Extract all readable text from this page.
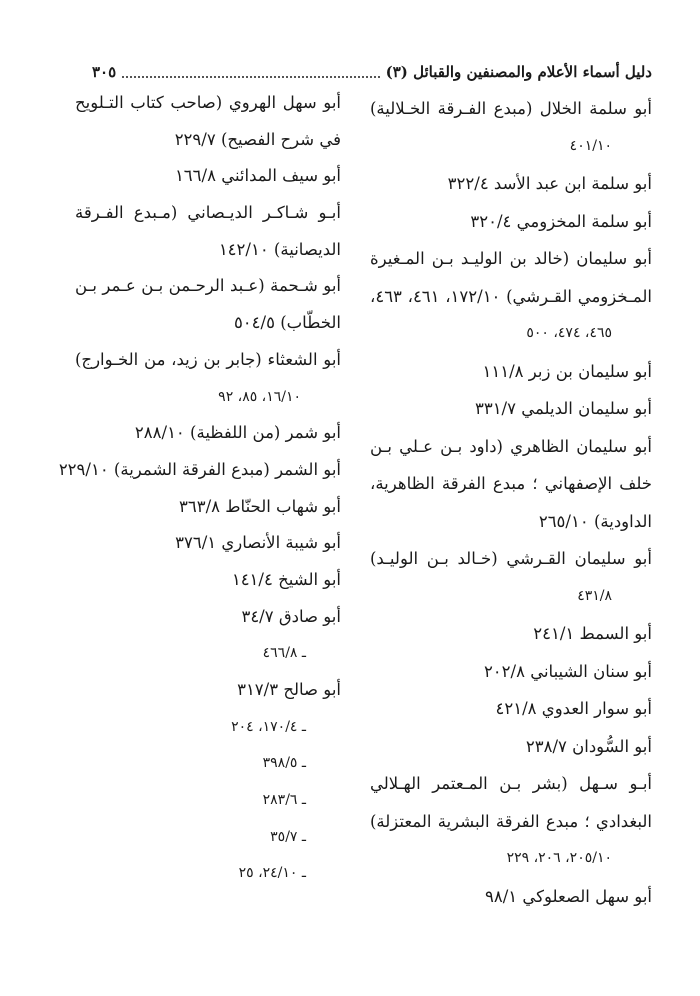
دليل أسماء الأعلام والمصنفين والقبائل (٣)
٣٠٥
أبو سلمة الخلال (مبدع الفـرقة الخـلالية)
٤٠١/١٠
أبو سلمة ابن عبد الأسد ٣٢٢/٤
أبو سلمة المخزومي ٣٢٠/٤
أبو سليمان (خالد بن الوليـد بـن المـغيرة
المـخزومي القـرشي) ١٧٢/١٠، ٤٦١، ٤٦٣،
٤٦٥، ٤٧٤، ٥٠٠
أبو سليمان بن زبر ١١١/٨
أبو سليمان الديلمي ٣٣١/٧
أبو سليمان الظاهري (داود بـن عـلي بـن
خلف الإصفهاني ؛ مبدع الفرقة الظاهرية،
الداودية) ٢٦٥/١٠
أبو سليمان القـرشي (خـالد بـن الوليـد)
٤٣١/٨
أبو السمط ٢٤١/١
أبو سنان الشيباني ٢٠٢/٨
أبو سوار العدوي ٤٢١/٨
أبو السُّودان ٢٣٨/٧
أبـو سـهل (بشر بـن المـعتمر الهـلالي
البغدادي ؛ مبدع الفرقة البشرية المعتزلة)
٢٠٥/١٠، ٢٠٦، ٢٢٩
أبو سهل الصعلوكي ٩٨/١
أبو سهل الهروي (صاحب كتاب التـلويح
في شرح الفصيح) ٢٢٩/٧
أبو سيف المدائني ١٦٦/٨
أبـو شـاكـر الديـصاني (مـبدع الفـرقة
الديصانية) ١٤٢/١٠
أبو شـحمة (عـبد الرحـمن بـن عـمر بـن
الخطّاب) ٥٠٤/٥
أبو الشعثاء (جابر بن زيد، من الخـوارج)
١٦/١٠، ٨٥، ٩٢
أبو شمر (من اللفظية) ٢٨٨/١٠
أبو الشمر (مبدع الفرقة الشمرية) ٢٢٩/١٠
أبو شهاب الحنّاط ٣٦٣/٨
أبو شيبة الأنصاري ٣٧٦/١
أبو الشيخ ١٤١/٤
أبو صادق ٣٤/٧
ـ ٤٦٦/٨
أبو صالح ٣١٧/٣
ـ ١٧٠/٤، ٢٠٤
ـ ٣٩٨/٥
ـ ٢٨٣/٦
ـ ٣٥/٧
ـ ٢٤/١٠، ٢٥
